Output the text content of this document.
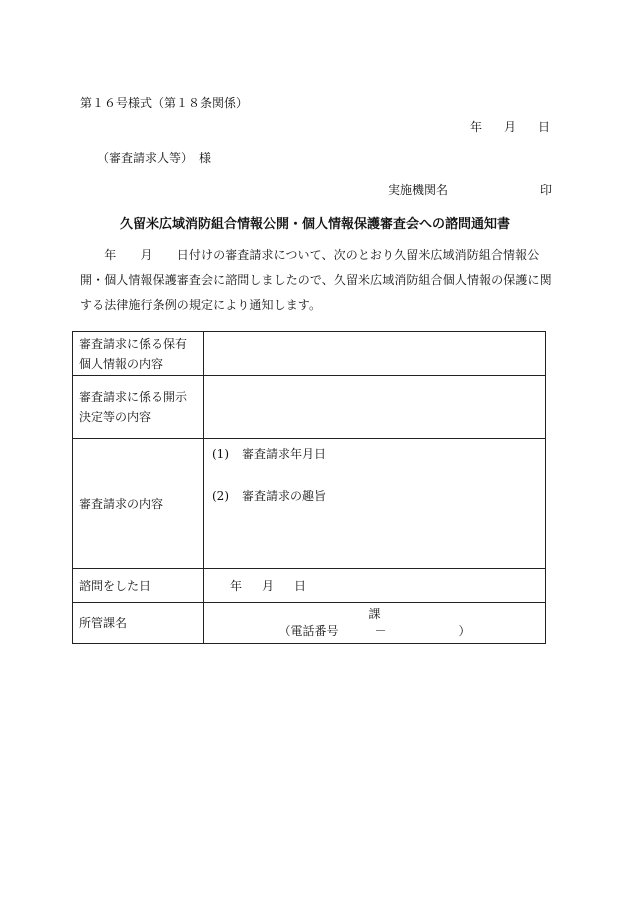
第１６号様式（第１８条関係）
年 月 日
（審査請求人等）　様
実施機関名	印
久留米広域消防組合情報公開・個人情報保護審査会への諮問通知書
　　年　　月　　日付けの審査請求について、次のとおり久留米広域消防組合情報公
開・個人情報保護審査会に諮問しましたので、久留米広域消防組合個人情報の保護に関
する法律施行条例の規定により通知します。
審査請求に係る保有
個人情報の内容	

審査請求に係る開示
決定等の内容	

審査請求の内容	(1) 審査請求年月日
(2) 審査請求の趣旨

諮問をした日	年 月 日
所管課名	課
（電話番号　　　－　　　　　　）
